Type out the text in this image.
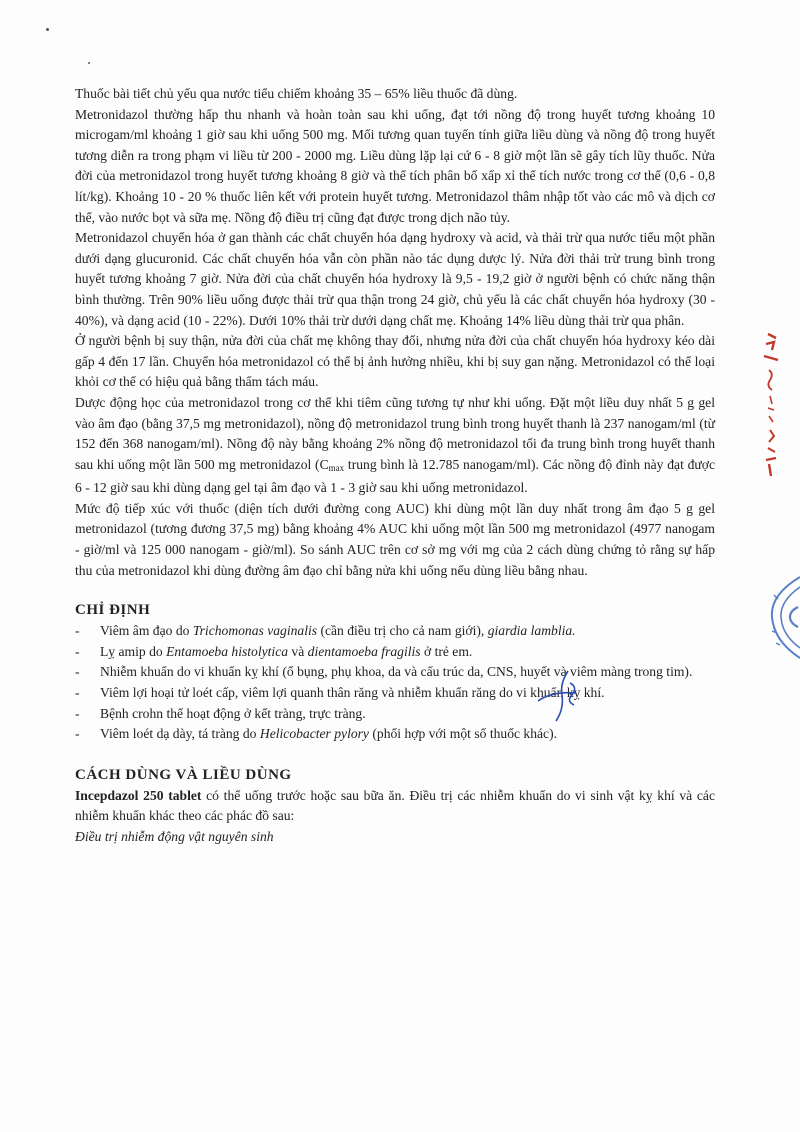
Thuốc bài tiết chủ yếu qua nước tiểu chiếm khoảng 35 – 65% liều thuốc đã dùng.

Metronidazol thường hấp thu nhanh và hoàn toàn sau khi uống, đạt tới nồng độ trong huyết tương khoảng 10 microgam/ml khoảng 1 giờ sau khi uống 500 mg. Mối tương quan tuyến tính giữa liều dùng và nồng độ trong huyết tương diễn ra trong phạm vi liều từ 200 - 2000 mg. Liều dùng lặp lại cứ 6 - 8 giờ một lần sẽ gây tích lũy thuốc. Nửa đời của metronidazol trong huyết tương khoảng 8 giờ và thể tích phân bố xấp xỉ thể tích nước trong cơ thể (0,6 - 0,8 lít/kg). Khoảng 10 - 20 % thuốc liên kết với protein huyết tương. Metronidazol thâm nhập tốt vào các mô và dịch cơ thể, vào nước bọt và sữa mẹ. Nồng độ điều trị cũng đạt được trong dịch não tủy.

Metronidazol chuyển hóa ở gan thành các chất chuyển hóa dạng hydroxy và acid, và thải trừ qua nước tiểu một phần dưới dạng glucuronid. Các chất chuyển hóa vẫn còn phần nào tác dụng dược lý. Nửa đời thải trừ trung bình trong huyết tương khoảng 7 giờ. Nửa đời của chất chuyển hóa hydroxy là 9,5 - 19,2 giờ ở người bệnh có chức năng thận bình thường. Trên 90% liều uống được thải trừ qua thận trong 24 giờ, chủ yếu là các chất chuyển hóa hydroxy (30 - 40%), và dạng acid (10 - 22%). Dưới 10% thải trừ dưới dạng chất mẹ. Khoảng 14% liều dùng thải trừ qua phân.

Ở người bệnh bị suy thận, nửa đời của chất mẹ không thay đổi, nhưng nửa đời của chất chuyển hóa hydroxy kéo dài gấp 4 đến 17 lần. Chuyển hóa metronidazol có thể bị ảnh hưởng nhiều, khi bị suy gan nặng. Metronidazol có thể loại khỏi cơ thể có hiệu quả bằng thẩm tách máu.

Dược động học của metronidazol trong cơ thể khi tiêm cũng tương tự như khi uống. Đặt một liều duy nhất 5 g gel vào âm đạo (bằng 37,5 mg metronidazol), nồng độ metronidazol trung bình trong huyết thanh là 237 nanogam/ml (từ 152 đến 368 nanogam/ml). Nồng độ này bằng khoảng 2% nồng độ metronidazol tối đa trung bình trong huyết thanh sau khi uống một lần 500 mg metronidazol ($C_{max}$ trung bình là 12.785 nanogam/ml). Các nồng độ đỉnh này đạt được 6 - 12 giờ sau khi dùng dạng gel tại âm đạo và 1 - 3 giờ sau khi uống metronidazol.

Mức độ tiếp xúc với thuốc (diện tích dưới đường cong AUC) khi dùng một lần duy nhất trong âm đạo 5 g gel metronidazol (tương đương 37,5 mg) bằng khoảng 4% AUC khi uống một lần 500 mg metronidazol (4977 nanogam - giờ/ml và 125 000 nanogam - giờ/ml). So sánh AUC trên cơ sở mg với mg của 2 cách dùng chứng tỏ rằng sự hấp thu của metronidazol khi dùng đường âm đạo chỉ bằng nửa khi uống nếu dùng liều bằng nhau.

CHỈ ĐỊNH
- Viêm âm đạo do Trichomonas vaginalis (cần điều trị cho cả nam giới), giardia lamblia.
- Lỵ amip do Entamoeba histolytica và dientamoeba fragilis ở trẻ em.
- Nhiễm khuẩn do vi khuẩn kỵ khí (ổ bụng, phụ khoa, da và cấu trúc da, CNS, huyết và viêm màng trong tim).
- Viêm lợi hoại tử loét cấp, viêm lợi quanh thân răng và nhiễm khuẩn răng do vi khuẩn kỵ khí.
- Bệnh crohn thể hoạt động ở kết tràng, trực tràng.
- Viêm loét dạ dày, tá tràng do Helicobacter pylory (phối hợp với một số thuốc khác).
CÁCH DÙNG VÀ LIỀU DÙNG

Incepdazol 250 tablet có thể uống trước hoặc sau bữa ăn. Điều trị các nhiễm khuẩn do vi sinh vật kỵ khí và các nhiễm khuẩn khác theo các phác đồ sau:

Điều trị nhiễm động vật nguyên sinh
